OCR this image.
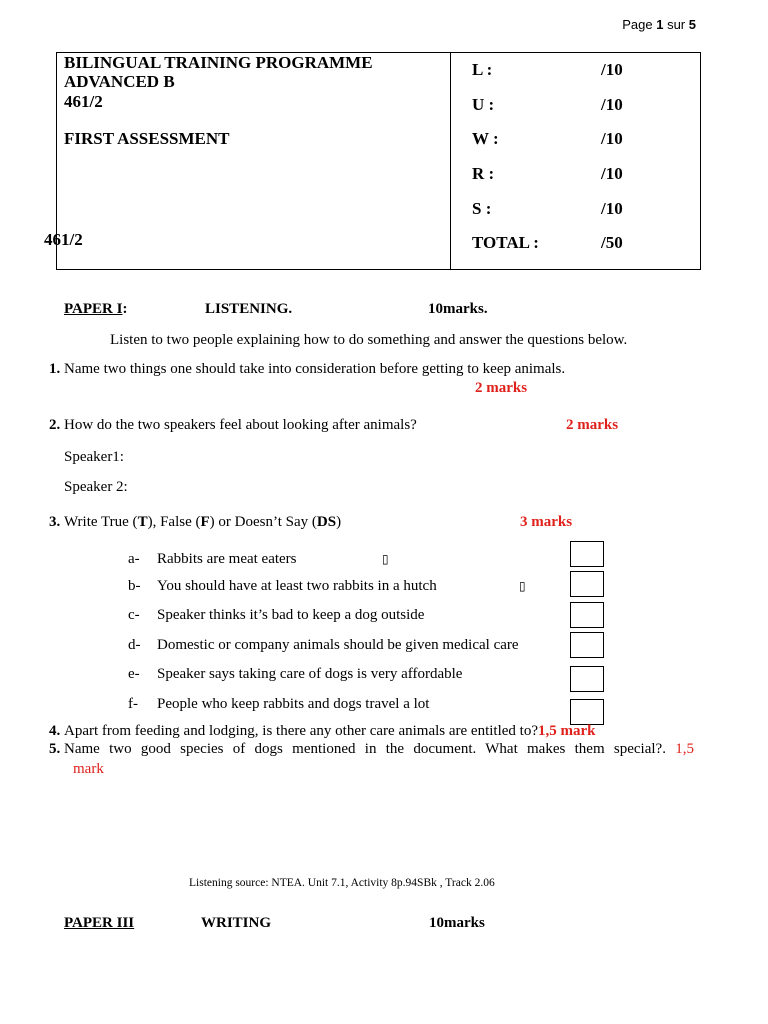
Page 1 sur 5
BILINGUAL TRAINING PROGRAMME
ADVANCED B
461/2
FIRST ASSESSMENT
461/2
L :	/10
U :	/10
W :	/10
R :	/10
S :	/10
TOTAL :	/50
PAPER I:	LISTENING.	10marks.
Listen to two people explaining how to do something and answer the questions below.
1. Name two things one should take into consideration before getting to keep animals.
2 marks
2. How do the two speakers feel about looking after animals?	2 marks
Speaker1:
Speaker 2:
3. Write True (T), False (F) or Doesn’t Say (DS)	3 marks
a- Rabbits are meat eaters	▯
b- You should have at least two rabbits in a hutch	▯
c- Speaker thinks it’s bad to keep a dog outside
d- Domestic or company animals should be given medical care
e- Speaker says taking care of dogs is very affordable
f- People who keep rabbits and dogs travel a lot
4. Apart from feeding and lodging, is there any other care animals are entitled to?1,5 mark
5. Name two good species of dogs mentioned in the document. What makes them special?. 1,5
mark
Listening source: NTEA. Unit 7.1, Activity 8p.94SBk , Track 2.06
PAPER III	WRITING	10marks
